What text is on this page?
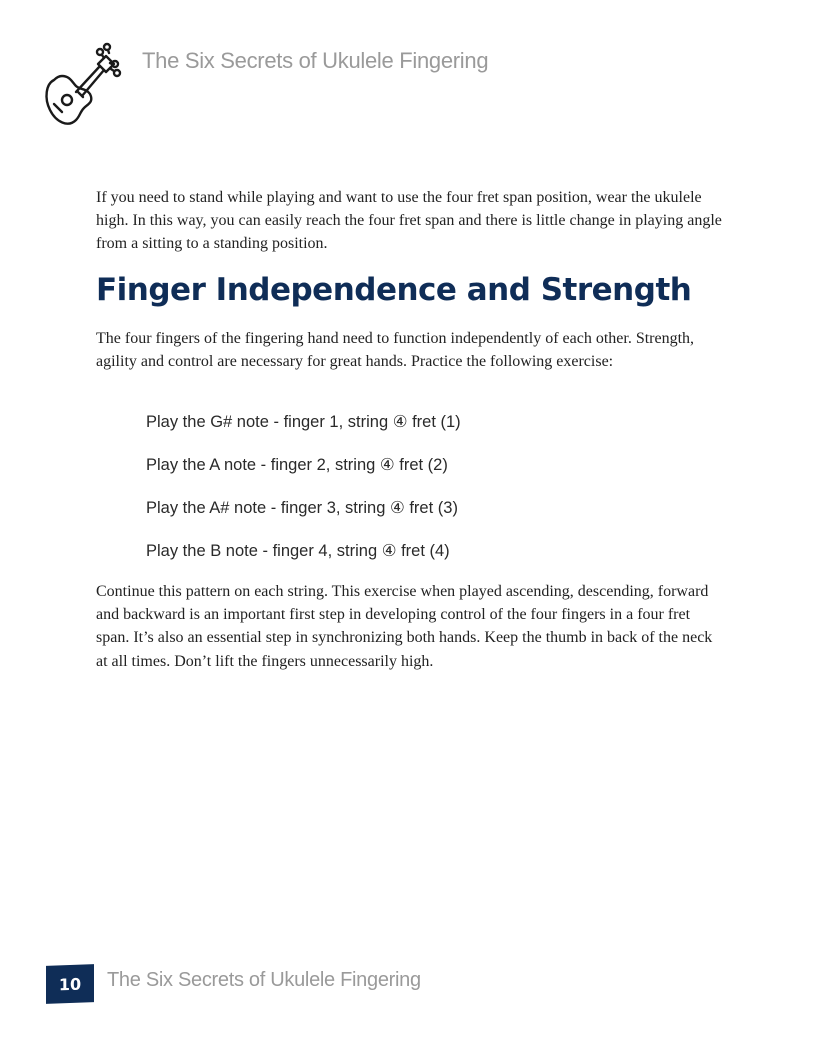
The Six Secrets of Ukulele Fingering
If you need to stand while playing and want to use the four fret span position, wear the ukulele high. In this way, you can easily reach the four fret span and there is little change in playing angle from a sitting to a standing position.
Finger Independence and Strength
The four fingers of the fingering hand need to function independently of each other. Strength, agility and control are necessary for great hands. Practice the following exercise:
Play the G# note - finger 1, string ④ fret (1)
Play the A note - finger 2, string ④ fret (2)
Play the A# note - finger 3, string ④ fret (3)
Play the B note - finger 4, string ④ fret (4)
Continue this pattern on each string. This exercise when played ascending, descending, forward and backward is an important first step in developing control of the four fingers in a four fret span. It’s also an essential step in synchronizing both hands. Keep the thumb in back of the neck at all times. Don’t lift the fingers unnecessarily high.
10 The Six Secrets of Ukulele Fingering
